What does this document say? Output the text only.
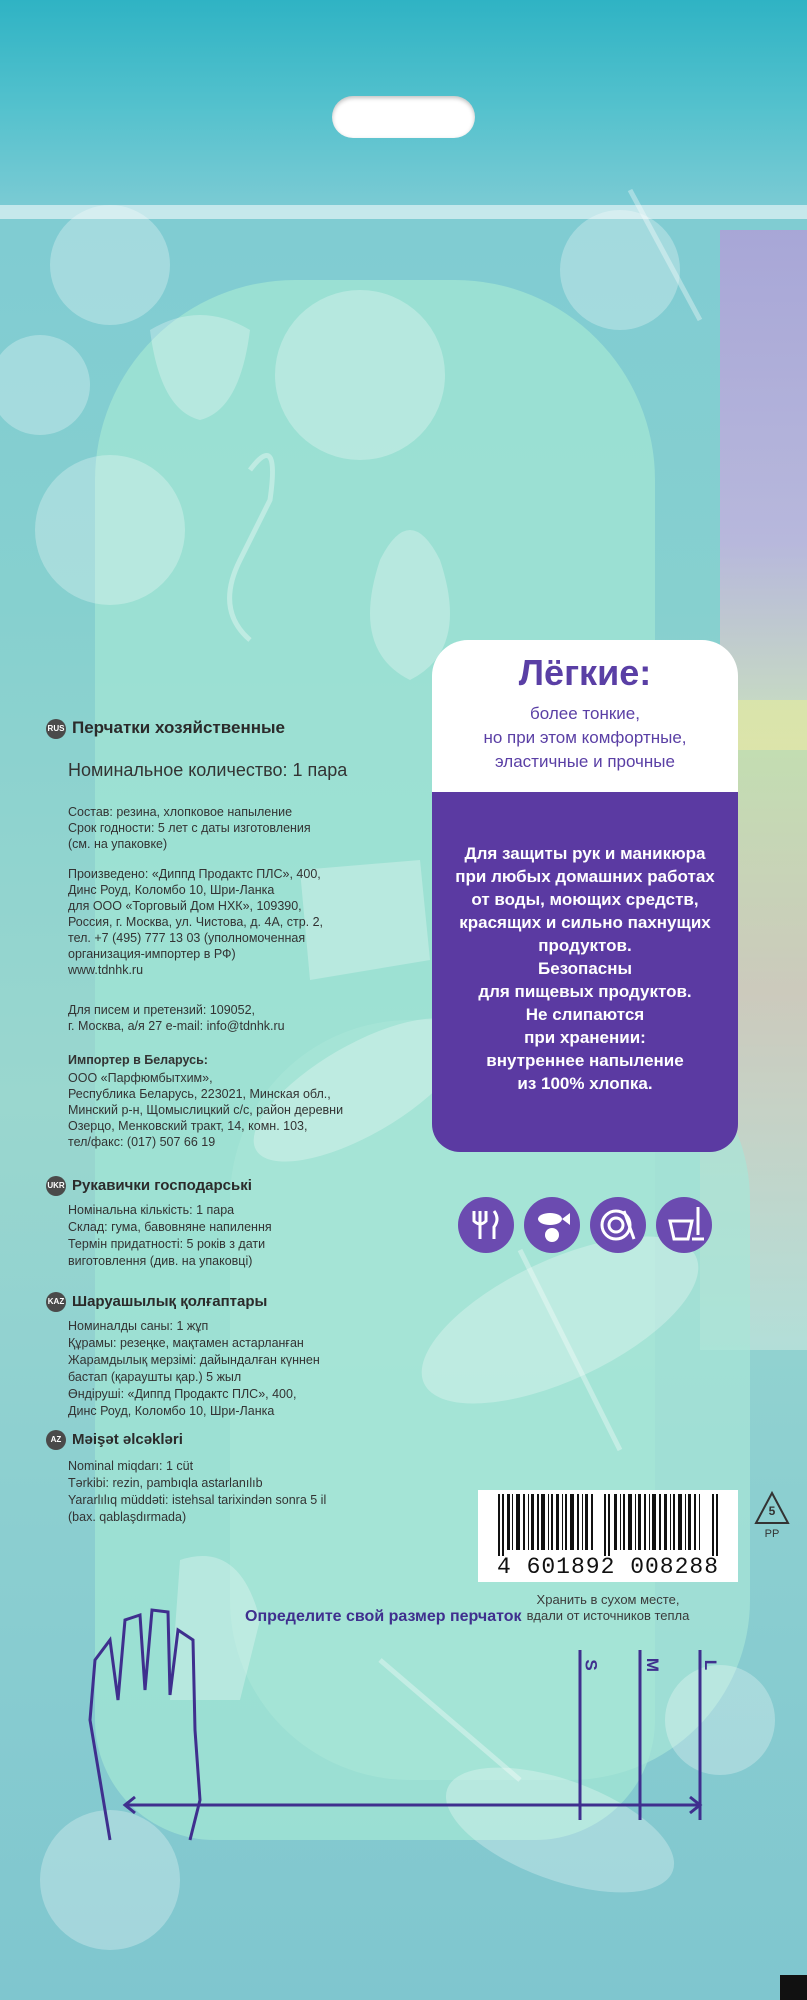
Лёгкие:
более тонкие,
но при этом комфортные,
эластичные и прочные
Для защиты рук и маникюра
при любых домашних работах
от воды, моющих средств,
красящих и сильно пахнущих
продуктов.
Безопасны
для пищевых продуктов.
Не слипаются
при хранении:
внутреннее напыление
из 100% хлопка.
RUS Перчатки хозяйственные
Номинальное количество: 1 пара
Состав: резина, хлопковое напыление
Срок годности: 5 лет с даты изготовления
(см. на упаковке)
Произведено: «Диппд Продактс ПЛС», 400,
Динс Роуд, Коломбо 10, Шри-Ланка
для ООО «Торговый Дом НХК», 109390,
Россия, г. Москва, ул. Чистова, д. 4А, стр. 2,
тел. +7 (495) 777 13 03 (уполномоченная
организация-импортер в РФ)
www.tdnhk.ru
Для писем и претензий: 109052,
г. Москва, а/я 27 e-mail: info@tdnhk.ru
Импортер в Беларусь:
ООО «Парфюмбытхим»,
Республика Беларусь, 223021, Минская обл.,
Минский р-н, Щомыслицкий с/с, район деревни
Озерцо, Менковский тракт, 14, комн. 103,
тел/факс: (017) 507 66 19
UKR Рукавички господарські
Номінальна кількість: 1 пара
Склад: гума, бавовняне напилення
Термін придатності: 5 років з дати
виготовлення (див. на упаковці)
KAZ Шаруашылық қолғаптары
Номиналды саны: 1 жұп
Құрамы: резеңке, мақтамен астарланған
Жарамдылық мерзімі: дайындалған күннен
бастап (қараушты қар.) 5 жыл
Өндіруші: «Диппд Продактс ПЛС», 400,
Динс Роуд, Коломбо 10, Шри-Ланка
AZ Məişət əlcəkləri
Nominal miqdarı: 1 cüt
Tərkibi: rezin, pambıqla astarlanılıb
Yararlılıq müddəti: istehsal tarixindən sonra 5 il
(bax. qablaşdırmada)
4 601892 008288
5
PP
Хранить в сухом месте,
вдали от источников тепла
Определите свой размер перчаток
S M L
